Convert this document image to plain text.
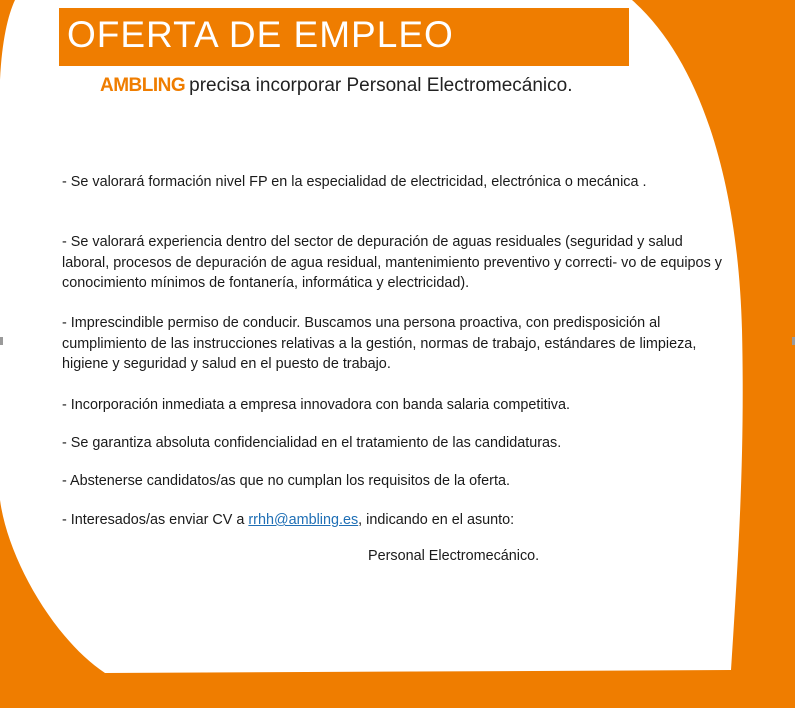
OFERTA DE EMPLEO
AMBLING precisa incorporar Personal Electromecánico.

- Se valorará formación nivel FP en la especialidad de electricidad, electrónica o mecánica .

- Se valorará experiencia dentro del sector de depuración de aguas residuales (seguridad y salud laboral, procesos de depuración de agua residual, mantenimiento preventivo y correcti- vo de equipos y conocimiento mínimos de fontanería, informática y electricidad).

- Imprescindible permiso de conducir. Buscamos una persona proactiva, con predisposición al cumplimiento de las instrucciones relativas a la gestión, normas de trabajo, estándares de limpieza, higiene y seguridad y salud en el puesto de trabajo.

- Incorporación inmediata a empresa innovadora con banda salaria competitiva.

- Se garantiza absoluta confidencialidad en el tratamiento de las candidaturas.

- Abstenerse candidatos/as que no cumplan los requisitos de la oferta.

- Interesados/as enviar CV a rrhh@ambling.es, indicando en el asunto:

Personal Electromecánico.
